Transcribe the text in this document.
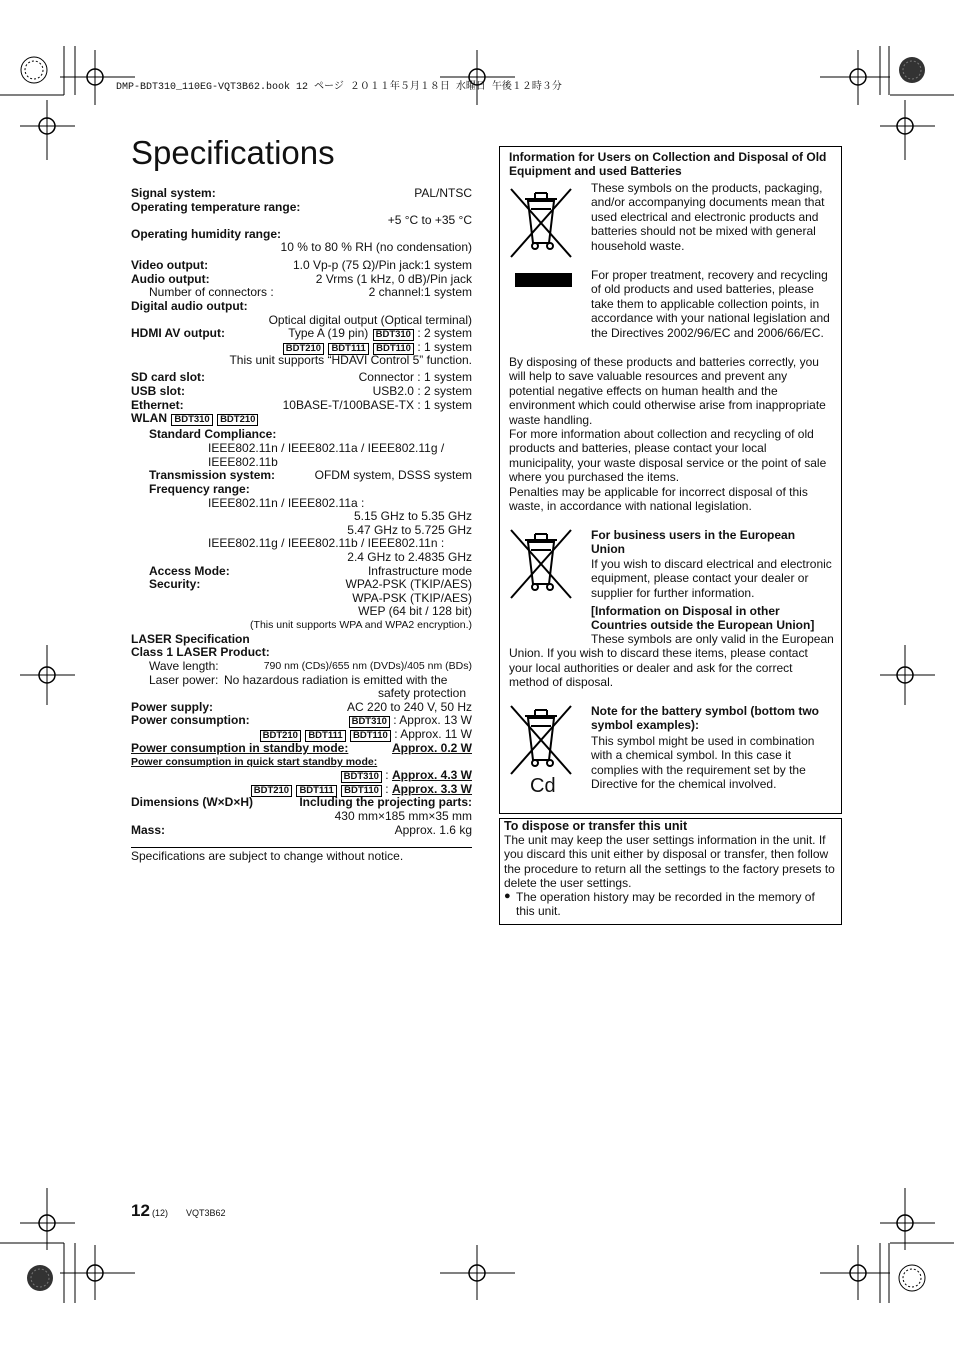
DMP-BDT310_110EG-VQT3B62.book 12 ページ ２０１１年５月１８日 水曜日 午後１２時３分
Specifications
Signal system:	PAL/NTSC
Operating temperature range:
+5 °C to +35 °C
Operating humidity range:
10 % to 80 % RH (no condensation)
Video output:	1.0 Vp-p (75 Ω)/Pin jack:1 system
Audio output:	2 Vrms (1 kHz, 0 dB)/Pin jack
Number of connectors :	2 channel:1 system
Digital audio output:
Optical digital output (Optical terminal)
HDMI AV output:	Type A (19 pin) BDT310 : 2 system
BDT210 BDT111 BDT110 : 1 system
This unit supports “HDAVI Control 5” function.
SD card slot:	Connector : 1 system
USB slot:	USB2.0 : 2 system
Ethernet:	10BASE-T/100BASE-TX : 1 system
WLAN BDT310 BDT210
Standard Compliance:
IEEE802.11n / IEEE802.11a / IEEE802.11g /
IEEE802.11b
Transmission system:	OFDM system, DSSS system
Frequency range:
IEEE802.11n / IEEE802.11a :
5.15 GHz to 5.35 GHz
5.47 GHz to 5.725 GHz
IEEE802.11g / IEEE802.11b / IEEE802.11n :
2.4 GHz to 2.4835 GHz
Access Mode:	Infrastructure mode
Security:	WPA2-PSK (TKIP/AES)
WPA-PSK (TKIP/AES)
WEP (64 bit / 128 bit)
(This unit supports WPA and WPA2 encryption.)
LASER Specification
Class 1 LASER Product:
Wave length:	790 nm (CDs)/655 nm (DVDs)/405 nm (BDs)
Laser power: No hazardous radiation is emitted with the
safety protection
Power supply:	AC 220 to 240 V, 50 Hz
Power consumption:	BDT310 : Approx. 13 W
BDT210 BDT111 BDT110 : Approx. 11 W
Power consumption in standby mode:	Approx. 0.2 W
Power consumption in quick start standby mode:
BDT310 : Approx. 4.3 W
BDT210 BDT111 BDT110 : Approx. 3.3 W
Dimensions (W×D×H)	Including the projecting parts:
430 mm×185 mm×35 mm
Mass:	Approx. 1.6 kg
Specifications are subject to change without notice.
Information for Users on Collection and Disposal of Old Equipment and used Batteries
These symbols on the products, packaging, and/or accompanying documents mean that used electrical and electronic products and batteries should not be mixed with general household waste.
For proper treatment, recovery and recycling of old products and used batteries, please take them to applicable collection points, in accordance with your national legislation and the Directives 2002/96/EC and 2006/66/EC.
By disposing of these products and batteries correctly, you will help to save valuable resources and prevent any potential negative effects on human health and the environment which could otherwise arise from inappropriate waste handling.
For more information about collection and recycling of old products and batteries, please contact your local municipality, your waste disposal service or the point of sale where you purchased the items.
Penalties may be applicable for incorrect disposal of this waste, in accordance with national legislation.
For business users in the European Union
If you wish to discard electrical and electronic equipment, please contact your dealer or supplier for further information.
[Information on Disposal in other Countries outside the European Union]
These symbols are only valid in the European Union. If you wish to discard these items, please contact your local authorities or dealer and ask for the correct method of disposal.
Cd
Note for the battery symbol (bottom two symbol examples):
This symbol might be used in combination with a chemical symbol. In this case it complies with the requirement set by the Directive for the chemical involved.
To dispose or transfer this unit
The unit may keep the user settings information in the unit. If you discard this unit either by disposal or transfer, then follow the procedure to return all the settings to the factory presets to delete the user settings.
● The operation history may be recorded in the memory of this unit.
12 (12) VQT3B62
